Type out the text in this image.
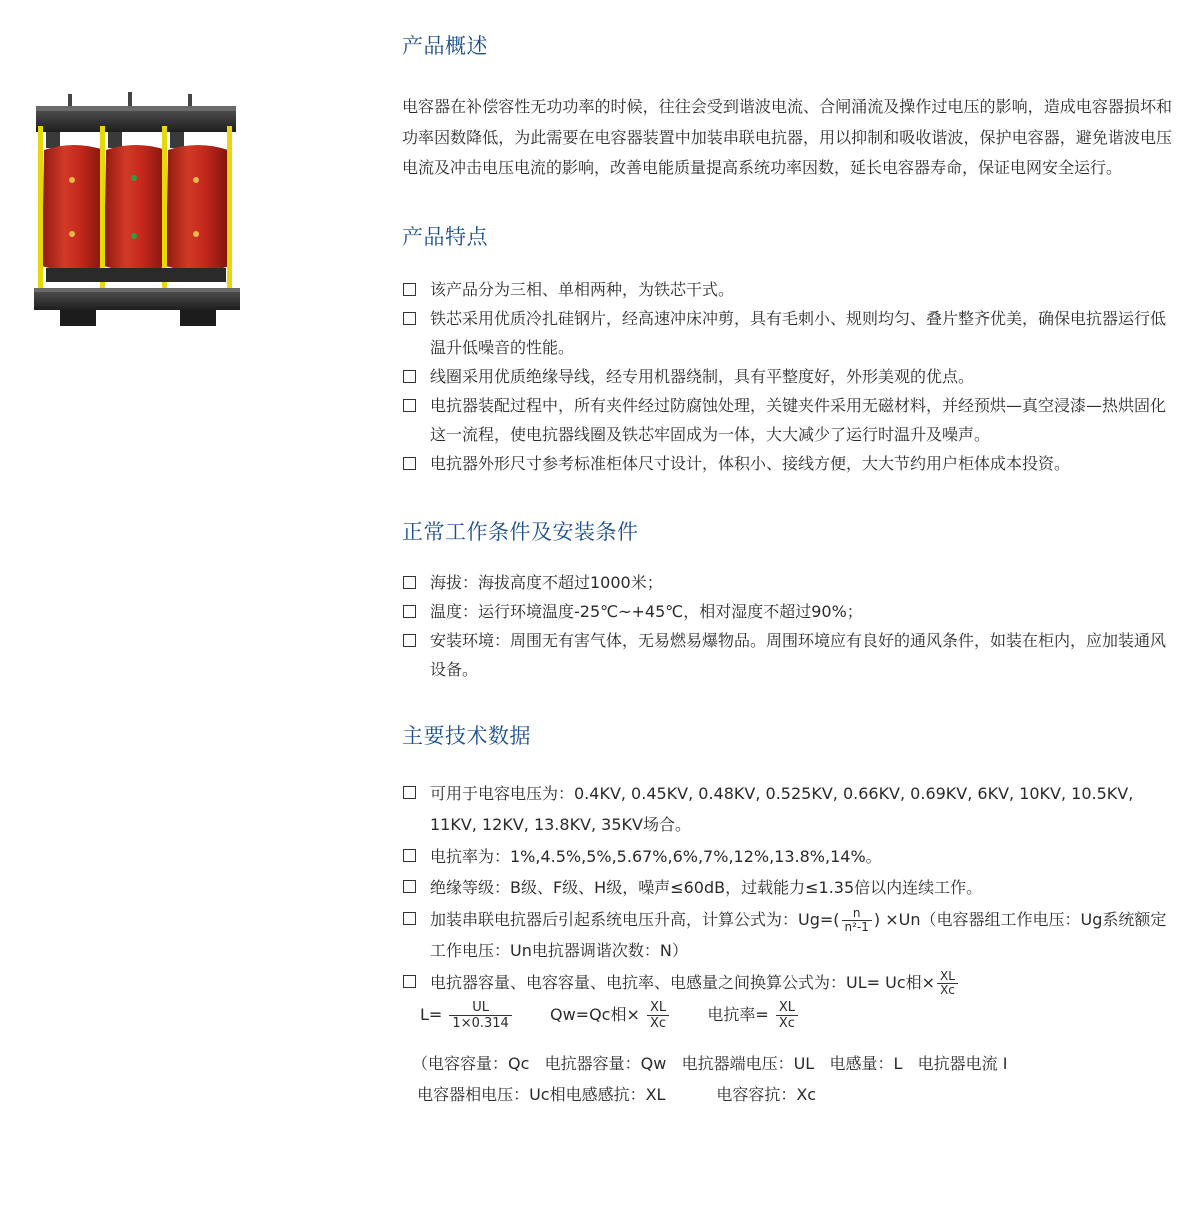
产品概述

电容器在补偿容性无功功率的时候，往往会受到谐波电流、合闸涌流及操作过电压的影响，造成电容器损坏和功率因数降低，为此需要在电容器装置中加装串联电抗器，用以抑制和吸收谐波，保护电容器，避免谐波电压电流及冲击电压电流的影响，改善电能质量提高系统功率因数，延长电容器寿命，保证电网安全运行。

产品特点
该产品分为三相、单相两种，为铁芯干式。
铁芯采用优质冷扎硅钢片，经高速冲床冲剪，具有毛刺小、规则均匀、叠片整齐优美，确保电抗器运行低温升低噪音的性能。
线圈采用优质绝缘导线，经专用机器绕制，具有平整度好，外形美观的优点。
电抗器装配过程中，所有夹件经过防腐蚀处理，关键夹件采用无磁材料，并经预烘—真空浸漆—热烘固化这一流程，使电抗器线圈及铁芯牢固成为一体，大大减少了运行时温升及噪声。
电抗器外形尺寸参考标准柜体尺寸设计，体积小、接线方便，大大节约用户柜体成本投资。
正常工作条件及安装条件
海拔：海拔高度不超过1000米；
温度：运行环境温度-25℃~+45℃，相对湿度不超过90%；
安装环境：周围无有害气体，无易燃易爆物品。周围环境应有良好的通风条件，如装在柜内，应加装通风设备。
主要技术数据
可用于电容电压为：0.4KV, 0.45KV, 0.48KV, 0.525KV, 0.66KV, 0.69KV, 6KV, 10KV, 10.5KV, 11KV, 12KV, 13.8KV, 35KV场合。
电抗率为：1%,4.5%,5%,5.67%,6%,7%,12%,13.8%,14%。
绝缘等级：B级、F级、H级，噪声≤60dB，过载能力≤1.35倍以内连续工作。
加装串联电抗器后引起系统电压升高，计算公式为：$Ug=( \frac{n}{\text{n²-1}}$ ) ×Un（电容器组工作电压：Ug系统额定工作电压：Un电抗器调谐次数：N）
电抗器容量、电容容量、电抗率、电感量之间换算公式为：UL= Uc相× $\frac{XL}{Xc}$
$L= \frac{UL}{1\times 0.314} Qw=Qc$相× $\frac{XL}{Xc}$ 电抗率= $\frac{XL}{Xc}$
（电容容量：Qc   电抗器容量：Qw   电抗器端电压：UL   电感量：L   电抗器电流 I
电容器相电压：Uc相电感感抗：XL          电容容抗：Xc
